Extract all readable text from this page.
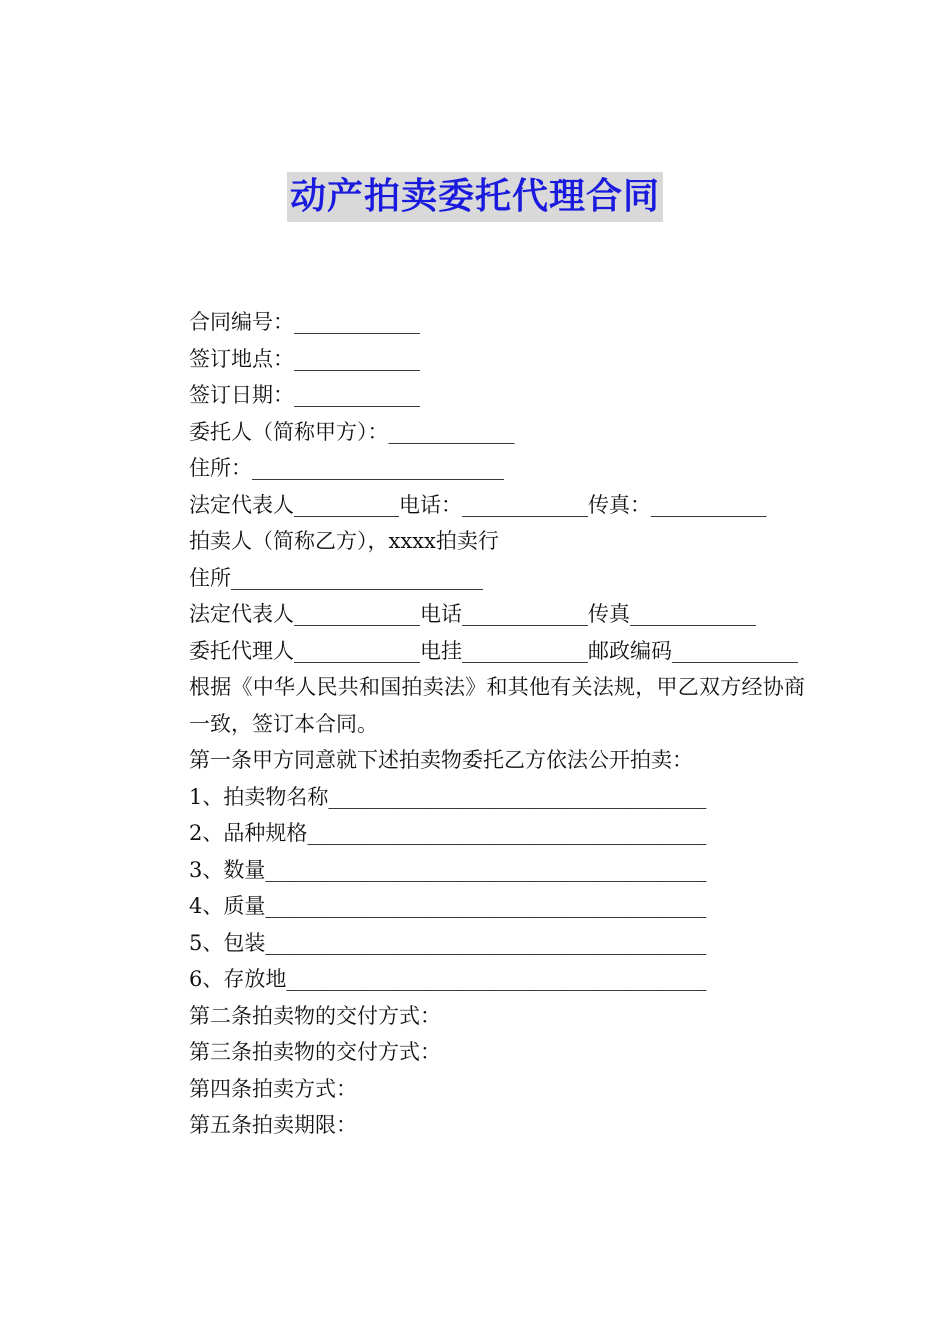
动产拍卖委托代理合同

合同编号：____________

签订地点：____________

签订日期：____________

委托人（简称甲方）：____________

住所：________________________

法定代表人__________电话：____________传真：___________

拍卖人（简称乙方），xxxx拍卖行

住所________________________

法定代表人____________电话____________传真____________

委托代理人____________电挂____________邮政编码____________

根据《中华人民共和国拍卖法》和其他有关法规，甲乙双方经协商一致，签订本合同。

第一条甲方同意就下述拍卖物委托乙方依法公开拍卖：

1、拍卖物名称____________________________________

2、品种规格______________________________________

3、数量__________________________________________

4、质量__________________________________________

5、包装__________________________________________

6、存放地________________________________________

第二条拍卖物的交付方式：

第三条拍卖物的交付方式：

第四条拍卖方式：

第五条拍卖期限：
